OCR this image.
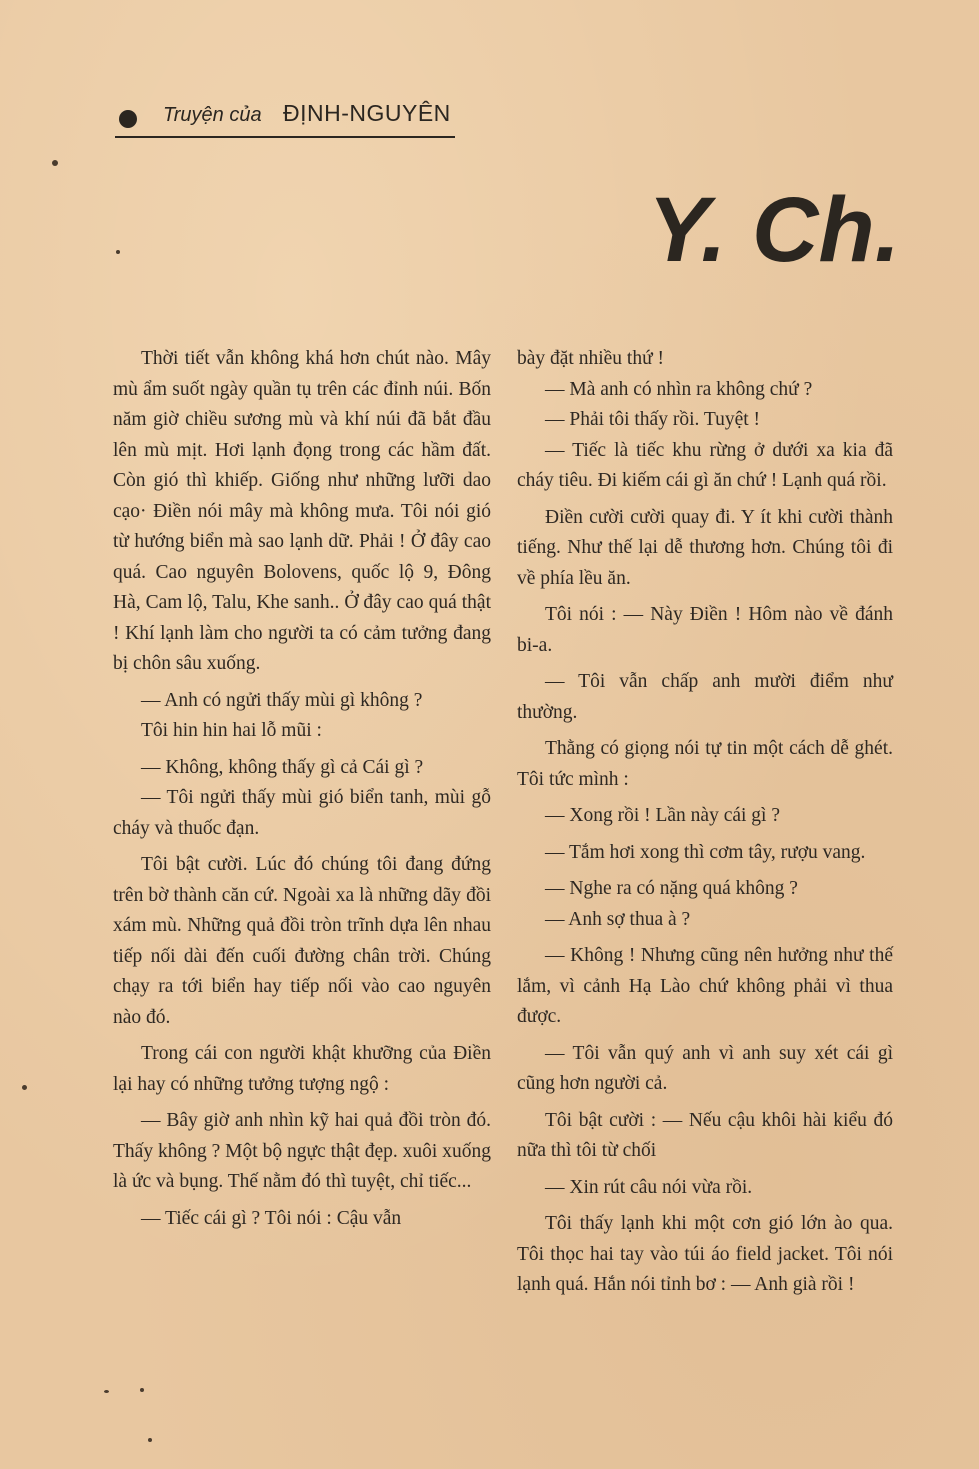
Truyện của ĐỊNH-NGUYÊN
Y. Ch.

Thời tiết vẫn không khá hơn chút nào. Mây mù ẩm suốt ngày quần tụ trên các đỉnh núi. Bốn năm giờ chiều sương mù và khí núi đã bắt đầu lên mù mịt. Hơi lạnh đọng trong các hầm đất. Còn gió thì khiếp. Giống như những lưỡi dao cạo· Điền nói mây mà không mưa. Tôi nói gió từ hướng biển mà sao lạnh dữ. Phải ! Ở đây cao quá. Cao nguyên Bolovens, quốc lộ 9, Đông Hà, Cam lộ, Talu, Khe sanh.. Ở đây cao quá thật ! Khí lạnh làm cho người ta có cảm tưởng đang bị chôn sâu xuống.

— Anh có ngửi thấy mùi gì không ?

Tôi hin hin hai lỗ mũi :

— Không, không thấy gì cả Cái gì ?

— Tôi ngửi thấy mùi gió biển tanh, mùi gỗ cháy và thuốc đạn.

Tôi bật cười. Lúc đó chúng tôi đang đứng trên bờ thành căn cứ. Ngoài xa là những dãy đồi xám mù. Những quả đồi tròn trĩnh dựa lên nhau tiếp nối dài đến cuối đường chân trời. Chúng chạy ra tới biển hay tiếp nối vào cao nguyên nào đó.

Trong cái con người khật khưỡng của Điền lại hay có những tưởng tượng ngộ :

— Bây giờ anh nhìn kỹ hai quả đồi tròn đó. Thấy không ? Một bộ ngực thật đẹp. xuôi xuống là ức và bụng. Thế nằm đó thì tuyệt, chỉ tiếc...

— Tiếc cái gì ? Tôi nói : Cậu vẫn

bày đặt nhiều thứ !

— Mà anh có nhìn ra không chứ ?

— Phải tôi thấy rồi. Tuyệt !

— Tiếc là tiếc khu rừng ở dưới xa kia đã cháy tiêu. Đi kiếm cái gì ăn chứ ! Lạnh quá rồi.

Điền cười cười quay đi. Y ít khi cười thành tiếng. Như thế lại dễ thương hơn. Chúng tôi đi về phía lều ăn.

Tôi nói : — Này Điền ! Hôm nào về đánh bi-a.

— Tôi vẫn chấp anh mười điểm như thường.

Thằng có giọng nói tự tin một cách dễ ghét. Tôi tức mình :

— Xong rồi ! Lần này cái gì ?

— Tắm hơi xong thì cơm tây, rượu vang.

— Nghe ra có nặng quá không ?

— Anh sợ thua à ?

— Không ! Nhưng cũng nên hưởng như thế lắm, vì cảnh Hạ Lào chứ không phải vì thua được.

— Tôi vẫn quý anh vì anh suy xét cái gì cũng hơn người cả.

Tôi bật cười : — Nếu cậu khôi hài kiểu đó nữa thì tôi từ chối

— Xin rút câu nói vừa rồi.

Tôi thấy lạnh khi một cơn gió lớn ào qua. Tôi thọc hai tay vào túi áo field jacket. Tôi nói lạnh quá. Hắn nói tỉnh bơ : — Anh già rồi !
